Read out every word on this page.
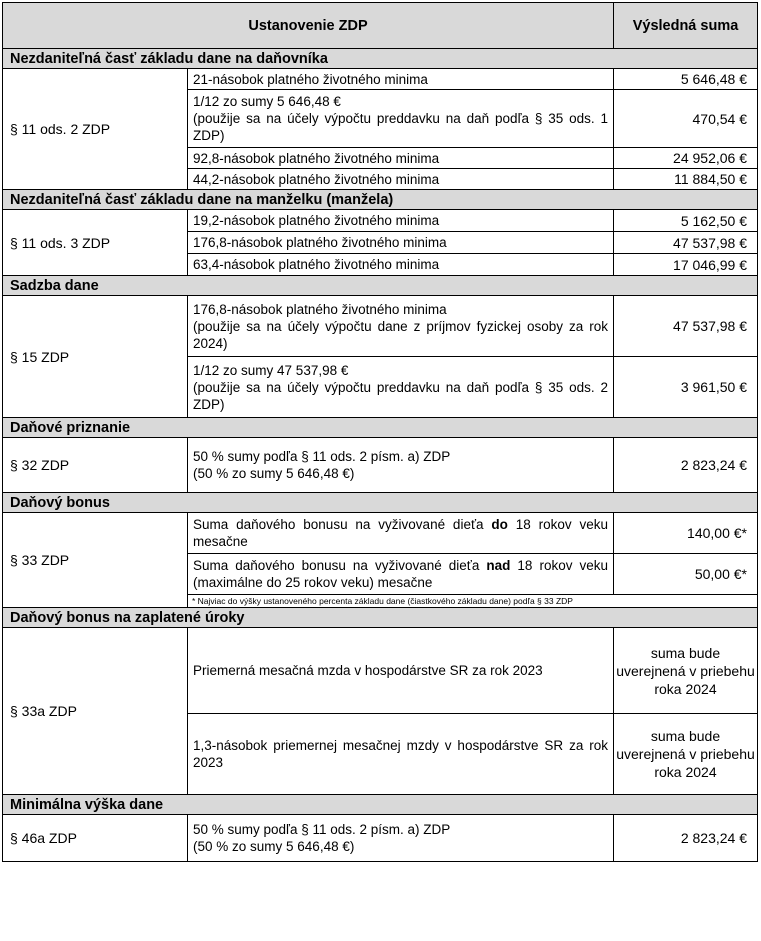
Ustanovenie ZDP		Výsledná suma
Nezdaniteľná časť základu dane na daňovníka		
§ 11 ods. 2 ZDP	21-násobok platného životného minima	5 646,48 €
	1/12 zo sumy 5 646,48 €
(použije sa na účely výpočtu preddavku na daň podľa § 35 ods. 1 ZDP)	470,54 €
	92,8-násobok platného životného minima	24 952,06 €
	44,2-násobok platného životného minima	11 884,50 €
Nezdaniteľná časť základu dane na manželku (manžela)		
§ 11 ods. 3 ZDP	19,2-násobok platného životného minima	5 162,50 €
	176,8-násobok platného životného minima	47 537,98 €
	63,4-násobok platného životného minima	17 046,99 €
Sadzba dane		
§ 15 ZDP	176,8-násobok platného životného minima
(použije sa na účely výpočtu dane z príjmov fyzickej osoby za rok 2024)	47 537,98 €
	1/12 zo sumy 47 537,98 €
(použije sa na účely výpočtu preddavku na daň podľa § 35 ods. 2 ZDP)	3 961,50 €
Daňové priznanie		
§ 32 ZDP	50 % sumy podľa § 11 ods. 2 písm. a) ZDP
(50 % zo sumy 5 646,48 €)	2 823,24 €
Daňový bonus		
§ 33 ZDP	Suma daňového bonusu na vyživované dieťa do 18 rokov veku mesačne	140,00 €*
	Suma daňového bonusu na vyživované dieťa nad 18 rokov veku (maximálne do 25 rokov veku) mesačne	50,00 €*
	* Najviac do výšky ustanoveného percenta základu dane (čiastkového základu dane) podľa § 33 ZDP	
Daňový bonus na zaplatené úroky		
§ 33a ZDP	Priemerná mesačná mzda v hospodárstve SR za rok 2023	suma bude uverejnená v priebehu roka 2024
	1,3-násobok priemernej mesačnej mzdy v hospodárstve SR za rok 2023	suma bude uverejnená v priebehu roka 2024
Minimálna výška dane		
§ 46a ZDP	50 % sumy podľa § 11 ods. 2 písm. a) ZDP
(50 % zo sumy 5 646,48 €)	2 823,24 €
